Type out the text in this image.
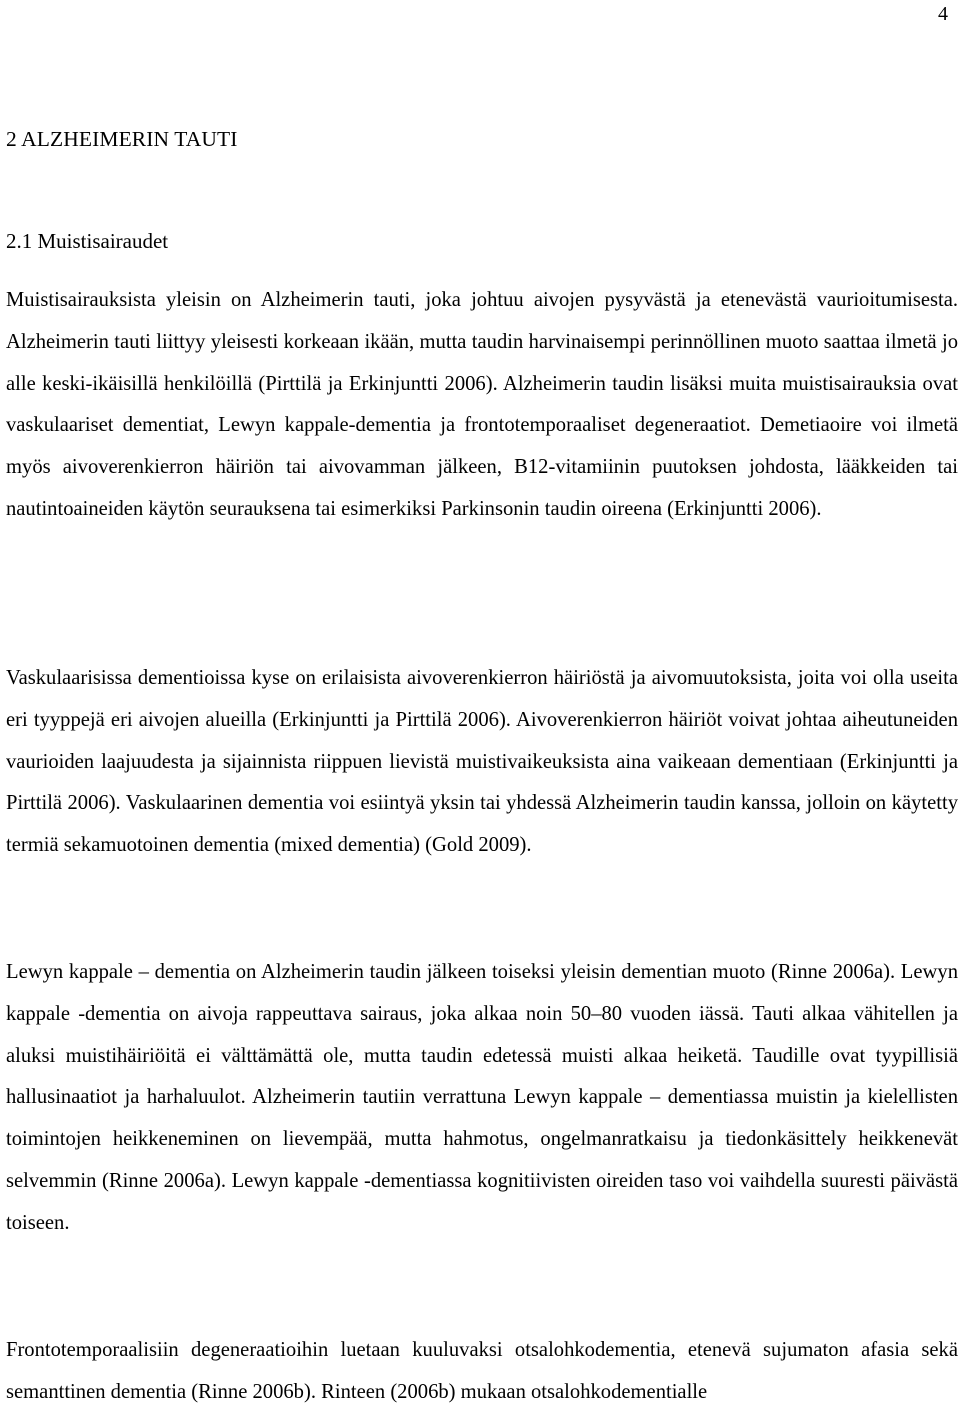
4
2 ALZHEIMERIN TAUTI
2.1 Muistisairaudet

Muistisairauksista yleisin on Alzheimerin tauti, joka johtuu aivojen pysyvästä ja etenevästä vaurioitumisesta. Alzheimerin tauti liittyy yleisesti korkeaan ikään, mutta taudin harvinaisempi perinnöllinen muoto saattaa ilmetä jo alle keski-ikäisillä henkilöillä (Pirttilä ja Erkinjuntti 2006). Alzheimerin taudin lisäksi muita muistisairauksia ovat vaskulaariset dementiat, Lewyn kappale-dementia ja frontotemporaaliset degeneraatiot. Demetiaoire voi ilmetä myös aivoverenkierron häiriön tai aivovamman jälkeen, B12-vitamiinin puutoksen johdosta, lääkkeiden tai nautintoaineiden käytön seurauksena tai esimerkiksi Parkinsonin taudin oireena (Erkinjuntti 2006).

Vaskulaarisissa dementioissa kyse on erilaisista aivoverenkierron häiriöstä ja aivomuutoksista, joita voi olla useita eri tyyppejä eri aivojen alueilla (Erkinjuntti ja Pirttilä 2006). Aivoverenkierron häiriöt voivat johtaa aiheutuneiden vaurioiden laajuudesta ja sijainnista riippuen lievistä muistivaikeuksista aina vaikeaan dementiaan (Erkinjuntti ja Pirttilä 2006). Vaskulaarinen dementia voi esiintyä yksin tai yhdessä Alzheimerin taudin kanssa, jolloin on käytetty termiä sekamuotoinen dementia (mixed dementia) (Gold 2009).

Lewyn kappale – dementia on Alzheimerin taudin jälkeen toiseksi yleisin dementian muoto (Rinne 2006a). Lewyn kappale -dementia on aivoja rappeuttava sairaus, joka alkaa noin 50–80 vuoden iässä. Tauti alkaa vähitellen ja aluksi muistihäiriöitä ei välttämättä ole, mutta taudin edetessä muisti alkaa heiketä. Taudille ovat tyypillisiä hallusinaatiot ja harhaluulot. Alzheimerin tautiin verrattuna Lewyn kappale – dementiassa muistin ja kielellisten toimintojen heikkeneminen on lievempää, mutta hahmotus, ongelmanratkaisu ja tiedonkäsittely heikkenevät selvemmin (Rinne 2006a). Lewyn kappale -dementiassa kognitiivisten oireiden taso voi vaihdella suuresti päivästä toiseen.

Frontotemporaalisiin degeneraatioihin luetaan kuuluvaksi otsalohkodementia, etenevä sujumaton afasia sekä semanttinen dementia (Rinne 2006b). Rinteen (2006b) mukaan otsalohkodementialle
